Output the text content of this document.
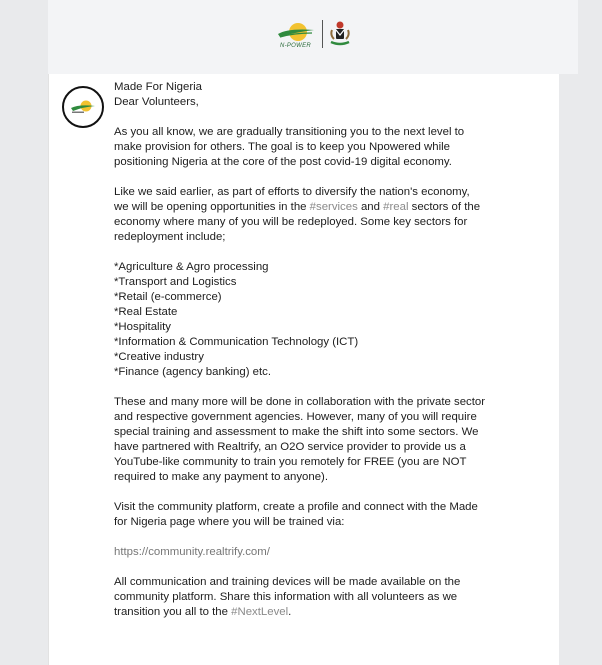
N-POWER

Made For Nigeria

Dear Volunteers,

As you all know, we are gradually transitioning you to the next level to make provision for others. The goal is to keep you Npowered while positioning Nigeria at the core of the post covid-19 digital economy.

Like we said earlier, as part of efforts to diversify the nation's economy, we will be opening opportunities in the #services and #real sectors of the economy where many of you will be redeployed. Some key sectors for redeployment include;

*Agriculture & Agro processing

*Transport and Logistics

*Retail (e-commerce)

*Real Estate

*Hospitality

*Information & Communication Technology (ICT)

*Creative industry

*Finance (agency banking) etc.

These and many more will be done in collaboration with the private sector and respective government agencies. However, many of you will require special training and assessment to make the shift into some sectors. We have partnered with Realtrify, an O2O service provider to provide us a YouTube-like community to train you remotely for FREE (you are NOT required to make any payment to anyone).

Visit the community platform, create a profile and connect with the Made for Nigeria page where you will be trained via:

https://community.realtrify.com/

All communication and training devices will be made available on the community platform. Share this information with all volunteers as we transition you all to the #NextLevel.
